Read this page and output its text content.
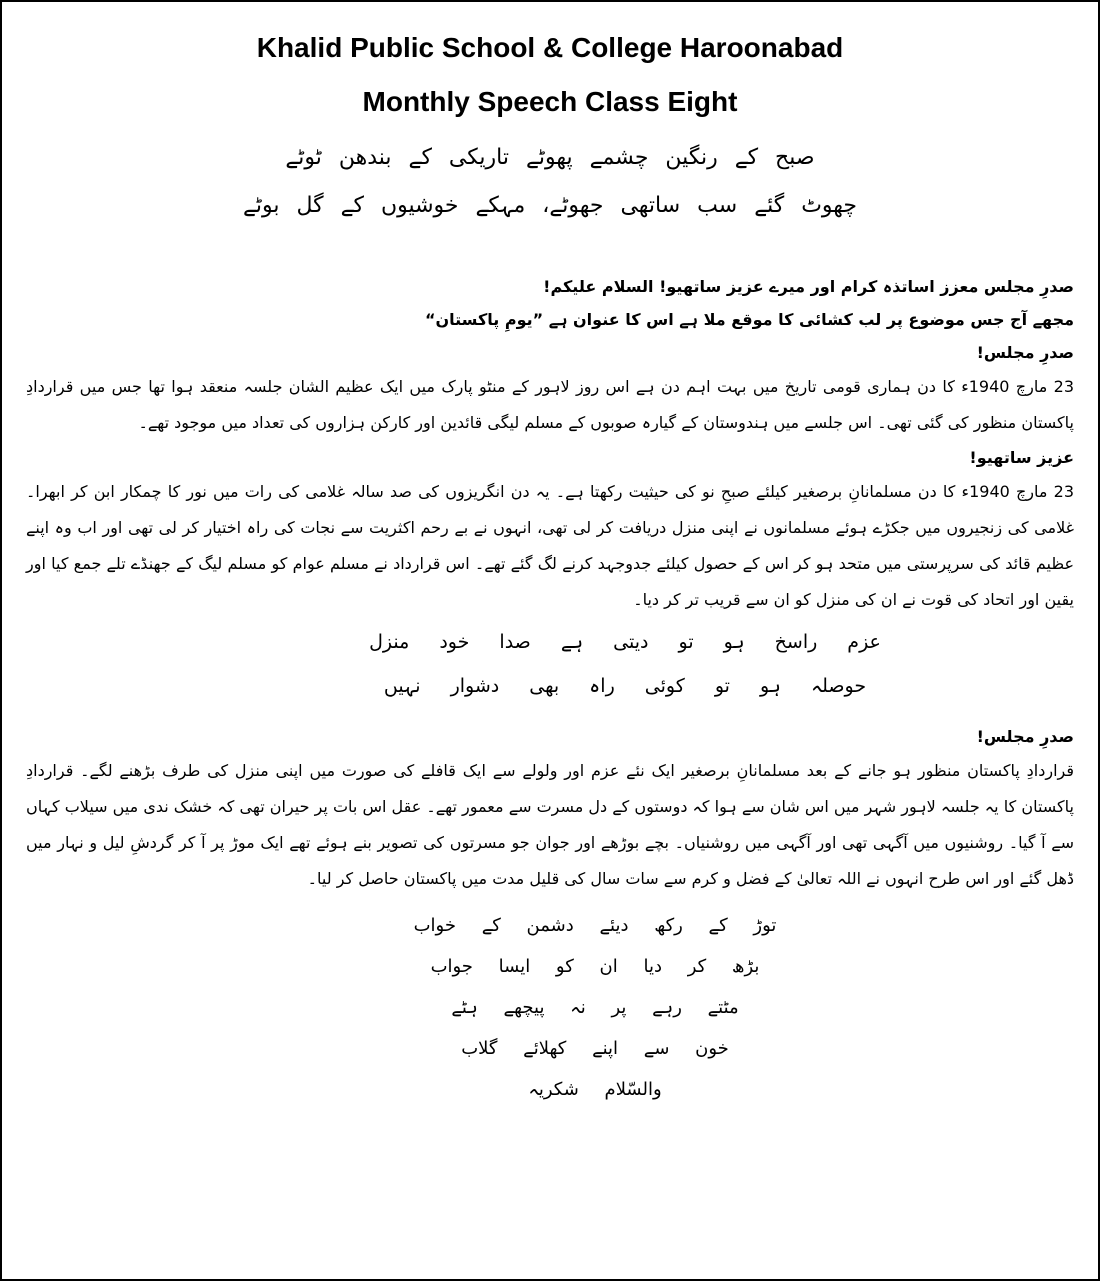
Khalid Public School & College Haroonabad
Monthly Speech Class Eight
صبح کے رنگین چشمے پھوٹے تاریکی کے بندھن ٹوٹے
چھوٹ گئے سب ساتھی جھوٹے، مہکے خوشیوں کے گل بوٹے

صدرِ مجلس معزز اساتذہ کرام اور میرے عزیز ساتھیو! السلام علیکم!

مجھے آج جس موضوع پر لب کشائی کا موقع ملا ہے اس کا عنوان ہے ”یومِ پاکستان“

صدرِ مجلس!

23 مارچ 1940ء کا دن ہماری قومی تاریخ میں بہت اہم دن ہے اس روز لاہور کے منٹو پارک میں ایک عظیم الشان جلسہ منعقد ہوا تھا جس میں قراردادِ پاکستان منظور کی گئی تھی۔ اس جلسے میں ہندوستان کے گیارہ صوبوں کے مسلم لیگی قائدین اور کارکن ہزاروں کی تعداد میں موجود تھے۔

عزیز ساتھیو!

23 مارچ 1940ء کا دن مسلمانانِ برصغیر کیلئے صبحِ نو کی حیثیت رکھتا ہے۔ یہ دن انگریزوں کی صد سالہ غلامی کی رات میں نور کا چمکار ابن کر ابھرا۔ غلامی کی زنجیروں میں جکڑے ہوئے مسلمانوں نے اپنی منزل دریافت کر لی تھی، انہوں نے بے رحم اکثریت سے نجات کی راہ اختیار کر لی تھی اور اب وہ اپنے عظیم قائد کی سرپرستی میں متحد ہو کر اس کے حصول کیلئے جدوجہد کرنے لگ گئے تھے۔ اس قرارداد نے مسلم عوام کو مسلم لیگ کے جھنڈے تلے جمع کیا اور یقین اور اتحاد کی قوت نے ان کی منزل کو ان سے قریب تر کر دیا۔

عزم راسخ ہو تو دیتی ہے صدا خود منزل
حوصلہ ہو تو کوئی راہ بھی دشوار نہیں

صدرِ مجلس!

قراردادِ پاکستان منظور ہو جانے کے بعد مسلمانانِ برصغیر ایک نئے عزم اور ولولے سے ایک قافلے کی صورت میں اپنی منزل کی طرف بڑھنے لگے۔ قراردادِ پاکستان کا یہ جلسہ لاہور شہر میں اس شان سے ہوا کہ دوستوں کے دل مسرت سے معمور تھے۔ عقل اس بات پر حیران تھی کہ خشک ندی میں سیلاب کہاں سے آ گیا۔ روشنیوں میں آگہی تھی اور آگہی میں روشنیاں۔ بچے بوڑھے اور جوان جو مسرتوں کی تصویر بنے ہوئے تھے ایک موڑ پر آ کر گردشِ لیل و نہار میں ڈھل گئے اور اس طرح انہوں نے اللہ تعالیٰ کے فضل و کرم سے سات سال کی قلیل مدت میں پاکستان حاصل کر لیا۔

توڑ کے رکھ دیئے دشمن کے خواب
بڑھ کر دیا ان کو ایسا جواب
مٹتے رہے پر نہ پیچھے ہٹے
خون سے اپنے کھلائے گلاب
والسّلام شکریہ
